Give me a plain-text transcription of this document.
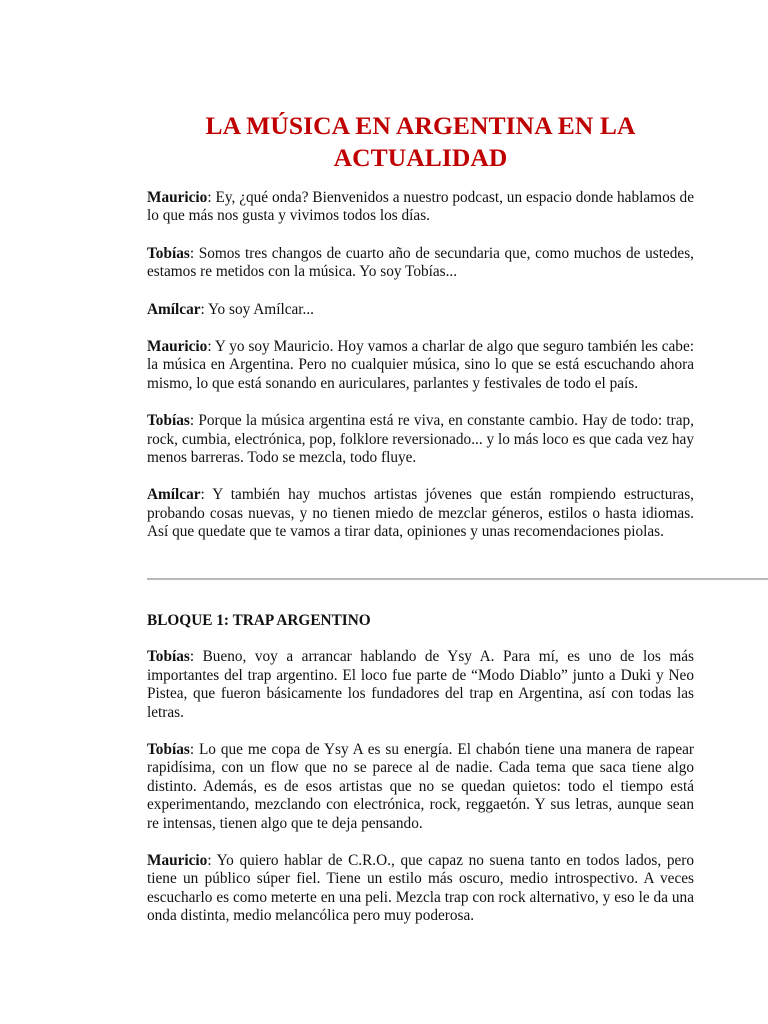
LA MÚSICA EN ARGENTINA EN LA
ACTUALIDAD

Mauricio: Ey, ¿qué onda? Bienvenidos a nuestro podcast, un espacio donde hablamos de lo que más nos gusta y vivimos todos los días.

Tobías: Somos tres changos de cuarto año de secundaria que, como muchos de ustedes, estamos re metidos con la música. Yo soy Tobías...

Amílcar: Yo soy Amílcar...

Mauricio: Y yo soy Mauricio. Hoy vamos a charlar de algo que seguro también les cabe: la música en Argentina. Pero no cualquier música, sino lo que se está escuchando ahora mismo, lo que está sonando en auriculares, parlantes y festivales de todo el país.

Tobías: Porque la música argentina está re viva, en constante cambio. Hay de todo: trap, rock, cumbia, electrónica, pop, folklore reversionado... y lo más loco es que cada vez hay menos barreras. Todo se mezcla, todo fluye.

Amílcar: Y también hay muchos artistas jóvenes que están rompiendo estructuras, probando cosas nuevas, y no tienen miedo de mezclar géneros, estilos o hasta idiomas. Así que quedate que te vamos a tirar data, opiniones y unas recomendaciones piolas.

BLOQUE 1: TRAP ARGENTINO

Tobías: Bueno, voy a arrancar hablando de Ysy A. Para mí, es uno de los más importantes del trap argentino. El loco fue parte de “Modo Diablo” junto a Duki y Neo Pistea, que fueron básicamente los fundadores del trap en Argentina, así con todas las letras.

Tobías: Lo que me copa de Ysy A es su energía. El chabón tiene una manera de rapear rapidísima, con un flow que no se parece al de nadie. Cada tema que saca tiene algo distinto. Además, es de esos artistas que no se quedan quietos: todo el tiempo está experimentando, mezclando con electrónica, rock, reggaetón. Y sus letras, aunque sean re intensas, tienen algo que te deja pensando.

Mauricio: Yo quiero hablar de C.R.O., que capaz no suena tanto en todos lados, pero tiene un público súper fiel. Tiene un estilo más oscuro, medio introspectivo. A veces escucharlo es como meterte en una peli. Mezcla trap con rock alternativo, y eso le da una onda distinta, medio melancólica pero muy poderosa.
